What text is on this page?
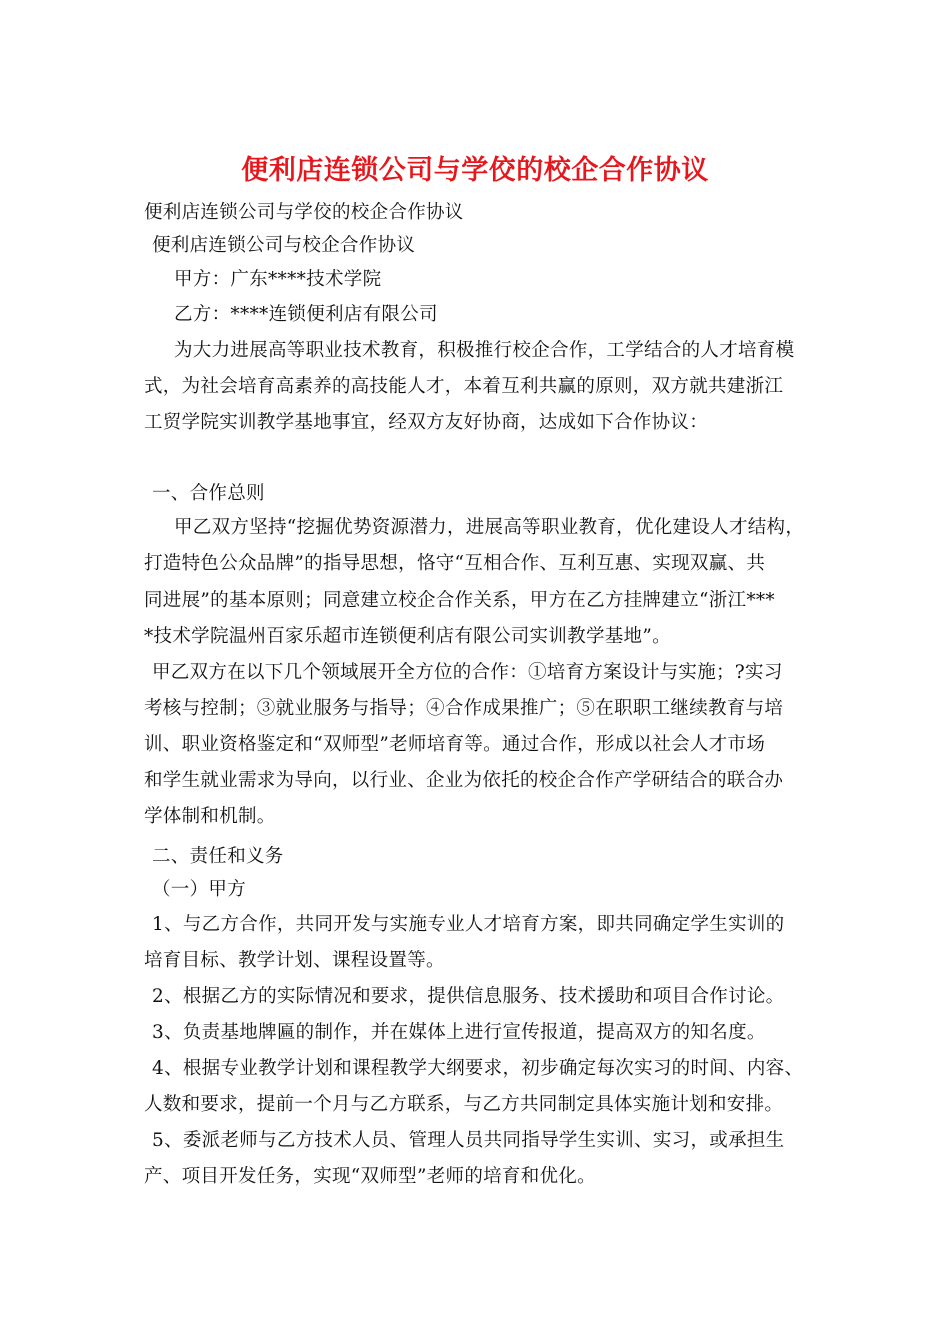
便利店连锁公司与学佼的校企合作协议
便利店连锁公司与学佼的校企合作协议
便利店连锁公司与校企合作协议
甲方：广东****技术学院
乙方：****连锁便利店有限公司
为大力进展高等职业技术教育，积极推行校企合作，工学结合的人才培育模
式，为社会培育高素养的高技能人才，本着互利共赢的原则，双方就共建浙江
工贸学院实训教学基地事宜，经双方友好协商，达成如下合作协议：
一、合作总则
甲乙双方坚持“挖掘优势资源潜力，进展高等职业教育，优化建设人才结构，
打造特色公众品牌”的指导思想，恪守“互相合作、互利互惠、实现双赢、共
同进展”的基本原则；同意建立校企合作关系，甲方在乙方挂牌建立“浙江***
*技术学院温州百家乐超市连锁便利店有限公司实训教学基地”。
甲乙双方在以下几个领域展开全方位的合作：①培育方案设计与实施；?实习
考核与控制；③就业服务与指导；④合作成果推广；⑤在职职工继续教育与培
训、职业资格鉴定和“双师型”老师培育等。通过合作，形成以社会人才市场
和学生就业需求为导向，以行业、企业为依托的校企合作产学研结合的联合办
学体制和机制。
二、责任和义务
（一）甲方
1、与乙方合作，共同开发与实施专业人才培育方案，即共同确定学生实训的
培育目标、教学计划、课程设置等。
2、根据乙方的实际情况和要求，提供信息服务、技术援助和项目合作讨论。
3、负责基地牌匾的制作，并在媒体上进行宣传报道，提高双方的知名度。
4、根据专业教学计划和课程教学大纲要求，初步确定每次实习的时间、内容、
人数和要求，提前一个月与乙方联系，与乙方共同制定具体实施计划和安排。
5、委派老师与乙方技术人员、管理人员共同指导学生实训、实习，或承担生
产、项目开发任务，实现“双师型”老师的培育和优化。
